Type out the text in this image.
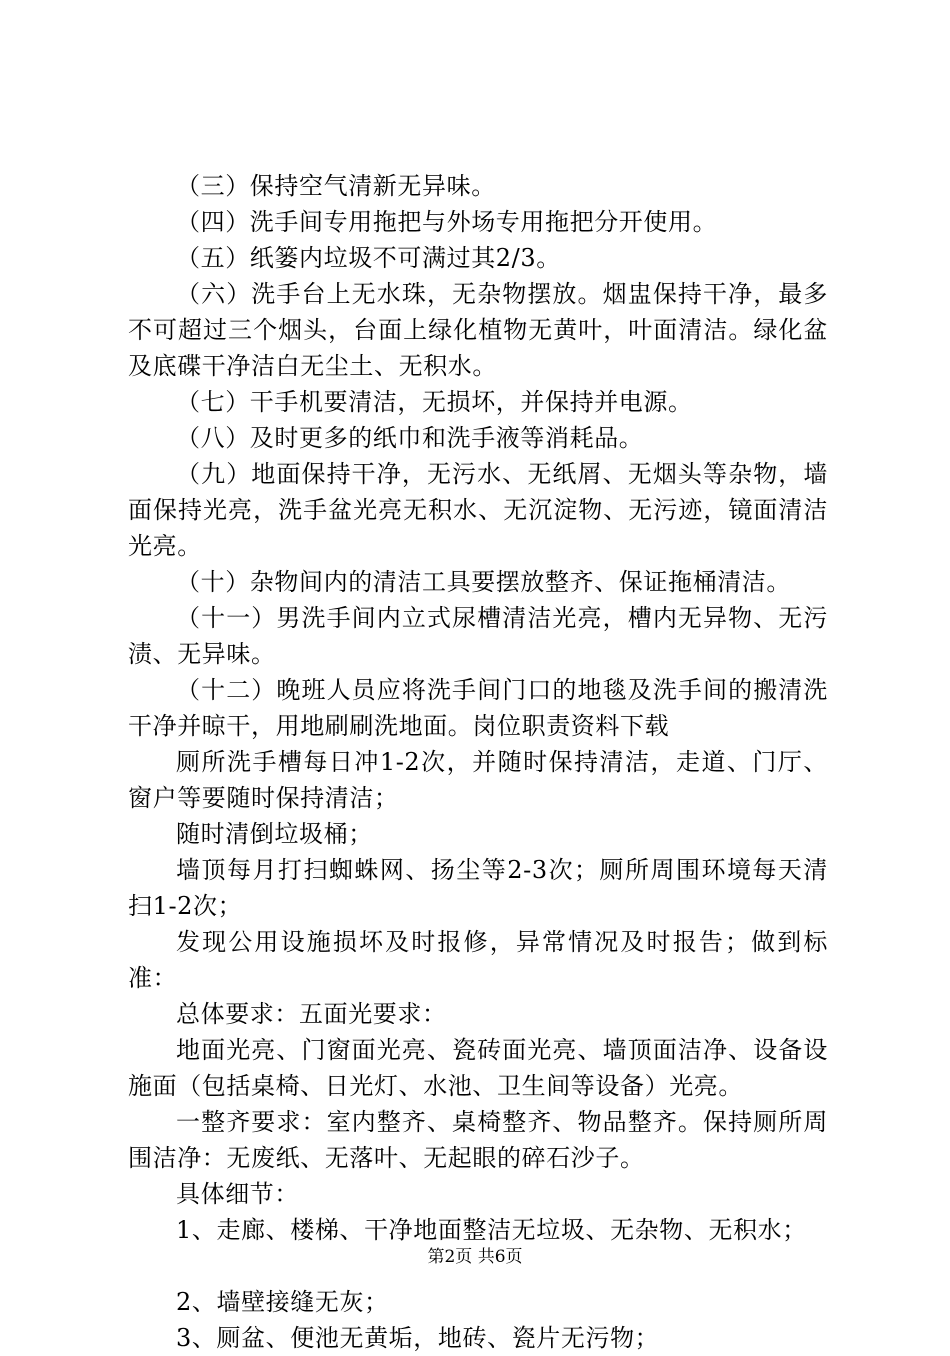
（三）保持空气清新无异味。

（四）洗手间专用拖把与外场专用拖把分开使用。

（五）纸篓内垃圾不可满过其2/3。

（六）洗手台上无水珠，无杂物摆放。烟盅保持干净，最多不可超过三个烟头，台面上绿化植物无黄叶，叶面清洁。绿化盆及底碟干净洁白无尘土、无积水。

（七）干手机要清洁，无损坏，并保持并电源。

（八）及时更多的纸巾和洗手液等消耗品。

（九）地面保持干净，无污水、无纸屑、无烟头等杂物，墙面保持光亮，洗手盆光亮无积水、无沉淀物、无污迹，镜面清洁光亮。

（十）杂物间内的清洁工具要摆放整齐、保证拖桶清洁。

（十一）男洗手间内立式尿槽清洁光亮，槽内无异物、无污渍、无异味。

（十二）晚班人员应将洗手间门口的地毯及洗手间的搬清洗干净并晾干，用地刷刷洗地面。岗位职责资料下载

厕所洗手槽每日冲1-2次，并随时保持清洁，走道、门厅、窗户等要随时保持清洁；

随时清倒垃圾桶；

墙顶每月打扫蜘蛛网、扬尘等2-3次；厕所周围环境每天清扫1-2次；

发现公用设施损坏及时报修，异常情况及时报告；做到标准：

总体要求：五面光要求：

地面光亮、门窗面光亮、瓷砖面光亮、墙顶面洁净、设备设施面（包括桌椅、日光灯、水池、卫生间等设备）光亮。

一整齐要求：室内整齐、桌椅整齐、物品整齐。保持厕所周围洁净：无废纸、无落叶、无起眼的碎石沙子。

具体细节：

1、走廊、楼梯、干净地面整洁无垃圾、无杂物、无积水；

2、墙壁接缝无灰；

3、厕盆、便池无黄垢，地砖、瓷片无污物；

第2页 共6页
